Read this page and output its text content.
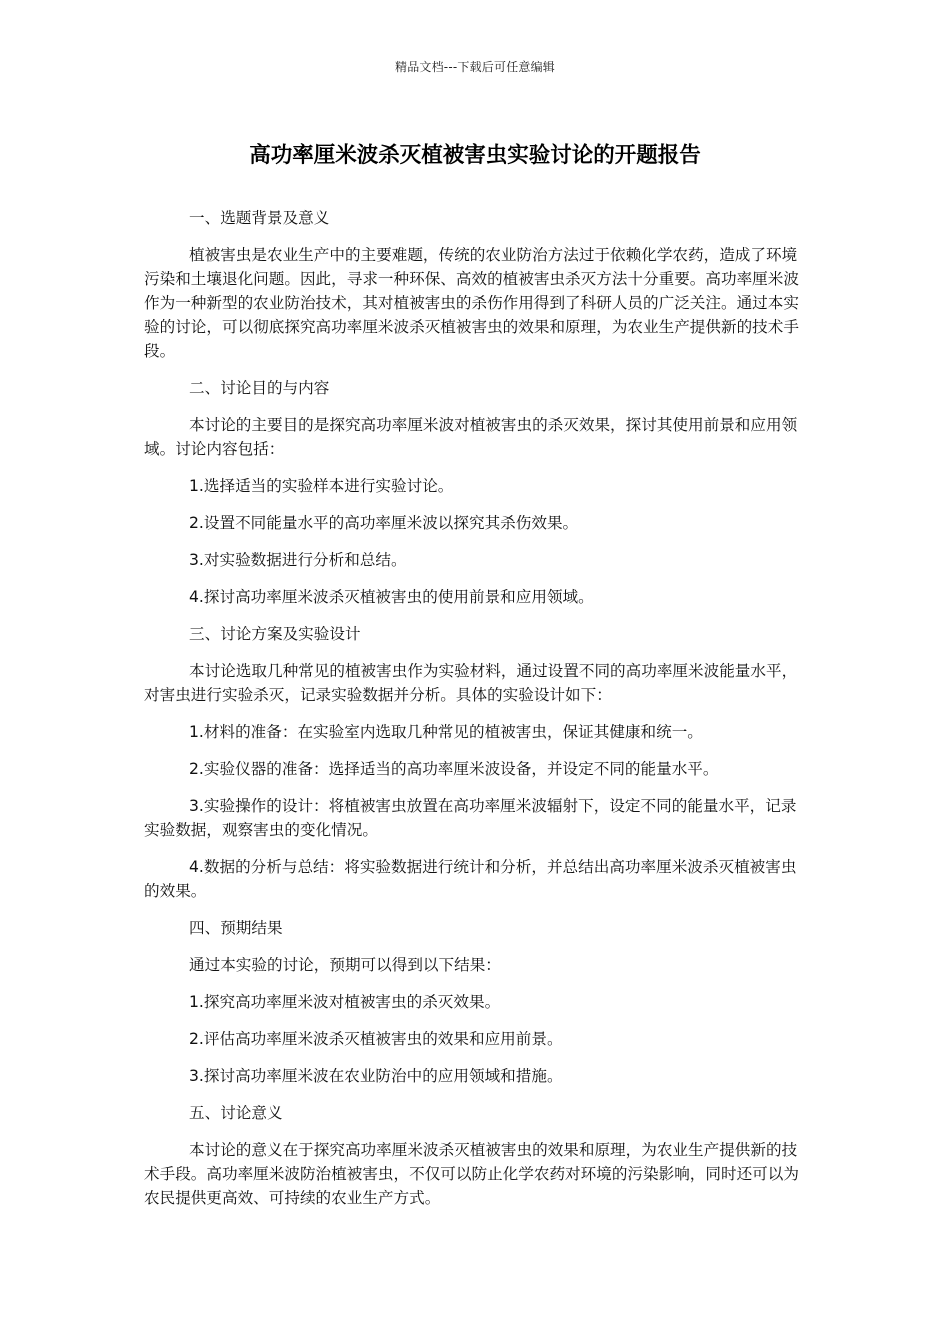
精品文档---下载后可任意编辑
高功率厘米波杀灭植被害虫实验讨论的开题报告

一、选题背景及意义

植被害虫是农业生产中的主要难题，传统的农业防治方法过于依赖化学农药，造成了环境污染和土壤退化问题。因此，寻求一种环保、高效的植被害虫杀灭方法十分重要。高功率厘米波作为一种新型的农业防治技术，其对植被害虫的杀伤作用得到了科研人员的广泛关注。通过本实验的讨论，可以彻底探究高功率厘米波杀灭植被害虫的效果和原理，为农业生产提供新的技术手段。

二、讨论目的与内容

本讨论的主要目的是探究高功率厘米波对植被害虫的杀灭效果，探讨其使用前景和应用领域。讨论内容包括：

1.选择适当的实验样本进行实验讨论。

2.设置不同能量水平的高功率厘米波以探究其杀伤效果。

3.对实验数据进行分析和总结。

4.探讨高功率厘米波杀灭植被害虫的使用前景和应用领域。

三、讨论方案及实验设计

本讨论选取几种常见的植被害虫作为实验材料，通过设置不同的高功率厘米波能量水平，对害虫进行实验杀灭，记录实验数据并分析。具体的实验设计如下：

1.材料的准备：在实验室内选取几种常见的植被害虫，保证其健康和统一。

2.实验仪器的准备：选择适当的高功率厘米波设备，并设定不同的能量水平。

3.实验操作的设计：将植被害虫放置在高功率厘米波辐射下，设定不同的能量水平，记录实验数据，观察害虫的变化情况。

4.数据的分析与总结：将实验数据进行统计和分析，并总结出高功率厘米波杀灭植被害虫的效果。

四、预期结果

通过本实验的讨论，预期可以得到以下结果：

1.探究高功率厘米波对植被害虫的杀灭效果。

2.评估高功率厘米波杀灭植被害虫的效果和应用前景。

3.探讨高功率厘米波在农业防治中的应用领域和措施。

五、讨论意义

本讨论的意义在于探究高功率厘米波杀灭植被害虫的效果和原理，为农业生产提供新的技术手段。高功率厘米波防治植被害虫，不仅可以防止化学农药对环境的污染影响，同时还可以为农民提供更高效、可持续的农业生产方式。
